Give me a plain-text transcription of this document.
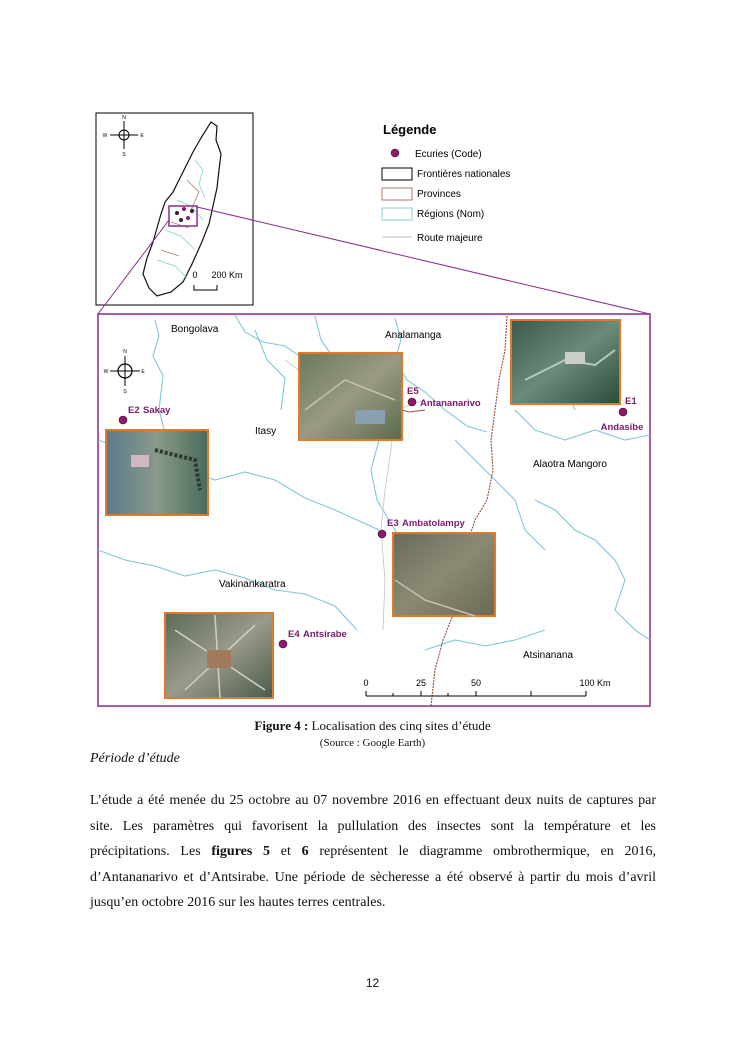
N
S
E
W
0 200 Km
Légende
Ecuries (Code)
Frontières nationales
Provinces
Régions (Nom)
Route majeure
N
S
E
W
Bongolava
Analamanga
Itasy
Alaotra Mangoro
Vakinankaratra
Atsinanana
E5
Antananarivo	E1
Andasibe
E2 Sakay
E3 Ambatolampy
E4 Antsirabe
0	25	50	100 Km
Figure 4 : Localisation des cinq sites d’étude
(Source : Google Earth)
Période d’étude
L’étude a été menée du 25 octobre au 07 novembre 2016 en effectuant deux nuits de captures par site. Les paramètres qui favorisent la pullulation des insectes sont la température et les précipitations. Les figures 5 et 6 représentent le diagramme ombrothermique, en 2016, d’Antananarivo et d’Antsirabe. Une période de sècheresse a été observé à partir du mois d’avril jusqu’en octobre 2016 sur les hautes terres centrales.
12
